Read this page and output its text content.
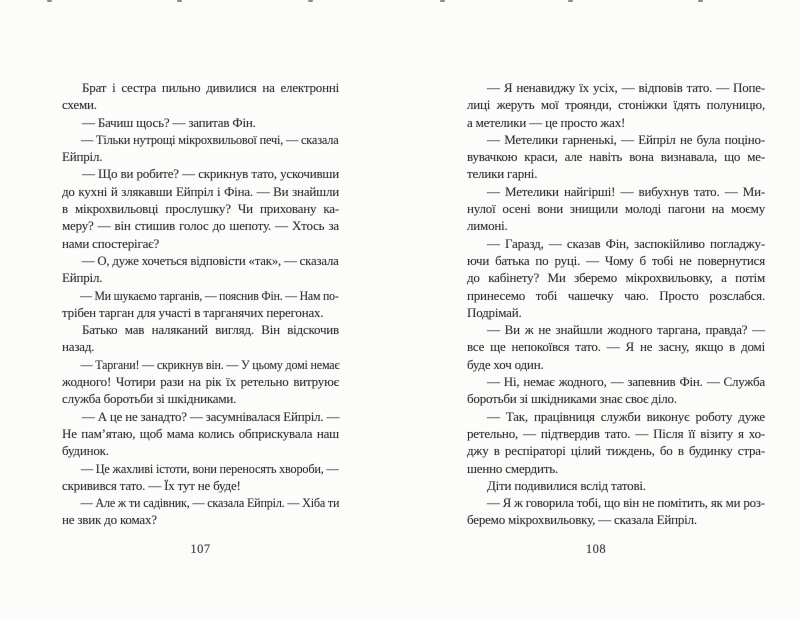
Брат і сестра пильно дивилися на електронні
схеми.
— Бачиш щось? — запитав Фін.
— Тільки нутрощі мікрохвильової печі, — сказала
Ейпріл.
— Що ви робите? — скрикнув тато, ускочивши
до кухні й злякавши Ейпріл і Фіна. — Ви знайшли
в мікрохвильовці прослушку? Чи приховану ка-
меру? — він стишив голос до шепоту. — Хтось за
нами спостерігає?
— О, дуже хочеться відповісти «так», — сказала
Ейпріл.
— Ми шукаємо тарганів, — пояснив Фін. — Нам по-
трібен тарган для участі в тарганячих перегонах.
Батько мав наляканий вигляд. Він відскочив
назад.
— Таргани! — скрикнув він. — У цьому домі немає
жодного! Чотири рази на рік їх ретельно витруює
служба боротьби зі шкідниками.
— А це не занадто? — засумнівалася Ейпріл. —
Не пам’ятаю, щоб мама колись обприскувала наш
будинок.
— Це жахливі істоти, вони переносять хвороби, —
скривився тато. — Їх тут не буде!
— Але ж ти садівник, — сказала Ейпріл. — Хіба ти
не звик до комах?
107
— Я ненавиджу їх усіх, — відповів тато. — Попе-
лиці жеруть мої троянди, стоніжки їдять полуницю,
а метелики — це просто жах!
— Метелики гарненькі, — Ейпріл не була поціно-
вувачкою краси, але навіть вона визнавала, що ме-
телики гарні.
— Метелики найгірші! — вибухнув тато. — Ми-
нулої осені вони знищили молоді пагони на моєму
лимоні.
— Гаразд, — сказав Фін, заспокійливо погладжу-
ючи батька по руці. — Чому б тобі не повернутися
до кабінету? Ми зберемо мікрохвильовку, а потім
принесемо тобі чашечку чаю. Просто розслабся.
Подрімай.
— Ви ж не знайшли жодного таргана, правда? —
все ще непокоївся тато. — Я не засну, якщо в домі
буде хоч один.
— Ні, немає жодного, — запевнив Фін. — Служба
боротьби зі шкідниками знає своє діло.
— Так, працівниця служби виконує роботу дуже
ретельно, — підтвердив тато. — Після її візиту я хо-
джу в респіраторі цілий тиждень, бо в будинку стра-
шенно смердить.
Діти подивилися вслід татові.
— Я ж говорила тобі, що він не помітить, як ми роз-
беремо мікрохвильовку, — сказала Ейпріл.
108
